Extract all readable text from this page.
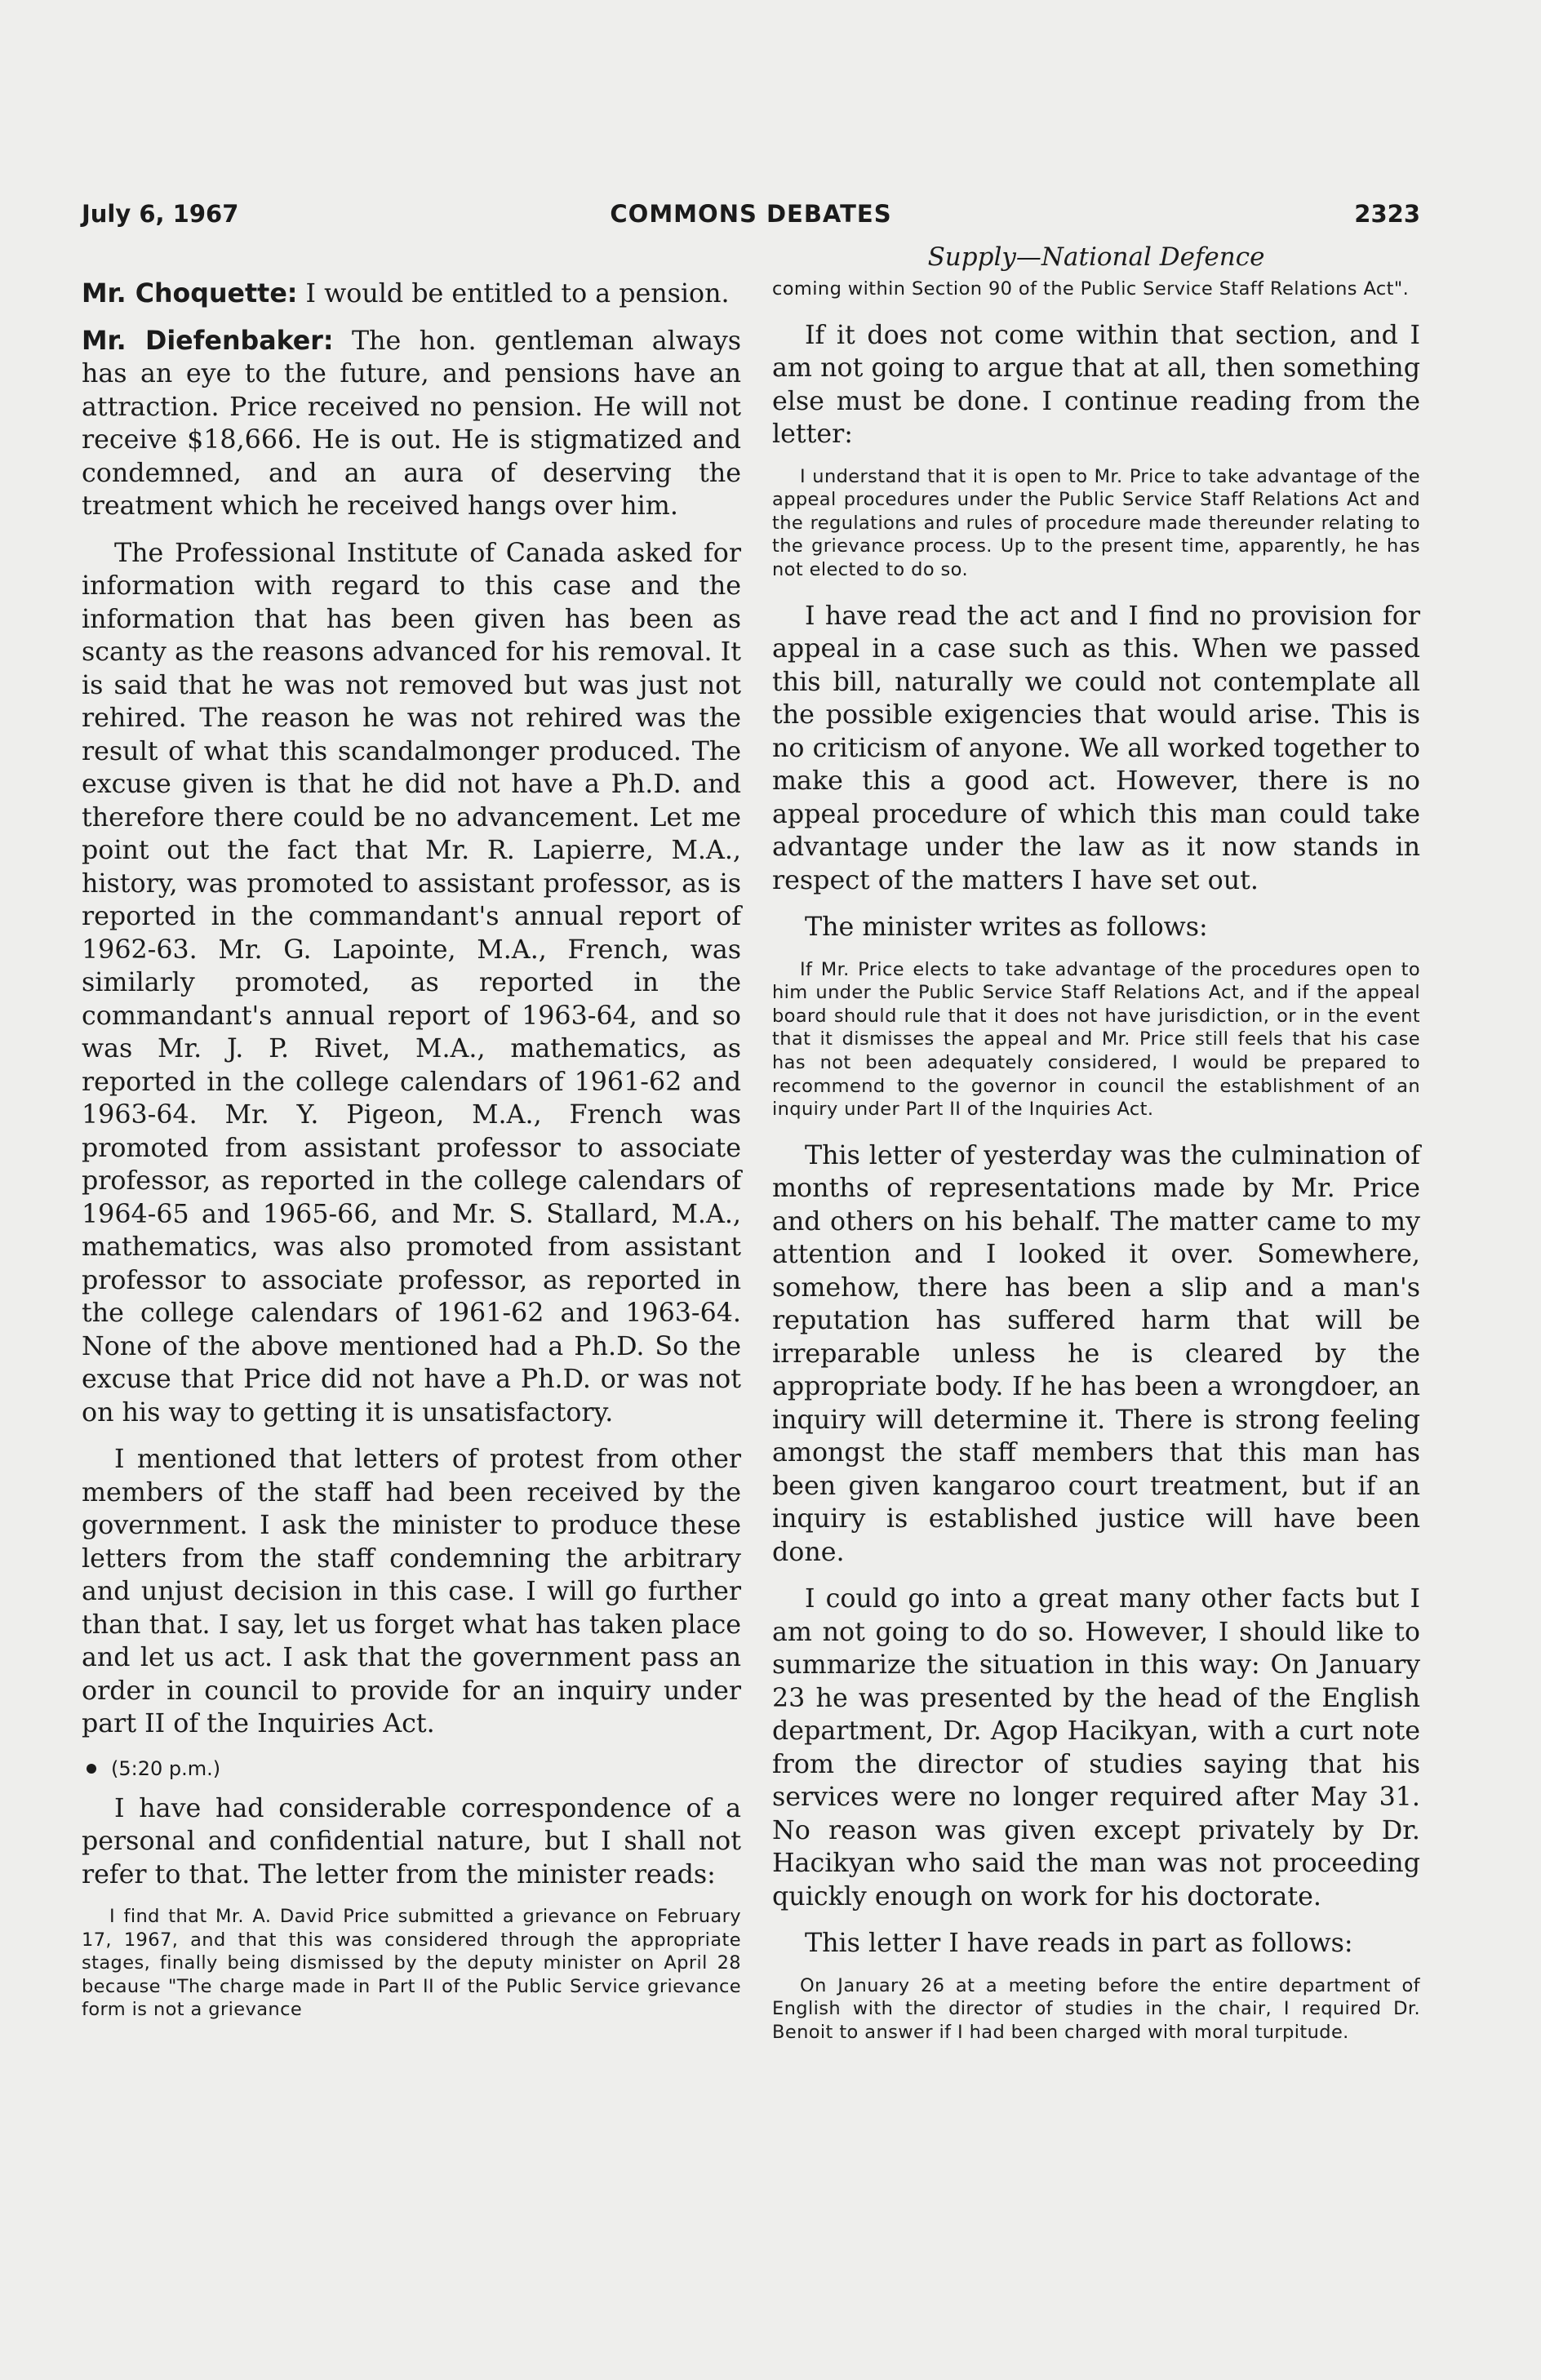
July 6, 1967	COMMONS DEBATES	2323
Supply—National Defence

Mr. Choquette: I would be entitled to a pension.

Mr. Diefenbaker: The hon. gentleman always has an eye to the future, and pensions have an attraction. Price received no pension. He will not receive $18,666. He is out. He is stigmatized and condemned, and an aura of deserving the treatment which he received hangs over him.

The Professional Institute of Canada asked for information with regard to this case and the information that has been given has been as scanty as the reasons advanced for his removal. It is said that he was not removed but was just not rehired. The reason he was not rehired was the result of what this scandalmonger produced. The excuse given is that he did not have a Ph.D. and therefore there could be no advancement. Let me point out the fact that Mr. R. Lapierre, M.A., history, was promoted to assistant professor, as is reported in the commandant's annual report of 1962-63. Mr. G. Lapointe, M.A., French, was similarly promoted, as reported in the commandant's annual report of 1963-64, and so was Mr. J. P. Rivet, M.A., mathematics, as reported in the college calendars of 1961-62 and 1963-64. Mr. Y. Pigeon, M.A., French was promoted from assistant professor to associate professor, as reported in the college calendars of 1964-65 and 1965-66, and Mr. S. Stallard, M.A., mathematics, was also promoted from assistant professor to associate professor, as reported in the college calendars of 1961-62 and 1963-64. None of the above mentioned had a Ph.D. So the excuse that Price did not have a Ph.D. or was not on his way to getting it is unsatisfactory.

I mentioned that letters of protest from other members of the staff had been received by the government. I ask the minister to produce these letters from the staff condemning the arbitrary and unjust decision in this case. I will go further than that. I say, let us forget what has taken place and let us act. I ask that the government pass an order in council to provide for an inquiry under part II of the Inquiries Act.

(5:20 p.m.)

I have had considerable correspondence of a personal and confidential nature, but I shall not refer to that. The letter from the minister reads:

I find that Mr. A. David Price submitted a grievance on February 17, 1967, and that this was considered through the appropriate stages, finally being dismissed by the deputy minister on April 28 because "The charge made in Part II of the Public Service grievance form is not a grievance

coming within Section 90 of the Public Service Staff Relations Act".

If it does not come within that section, and I am not going to argue that at all, then something else must be done. I continue reading from the letter:

I understand that it is open to Mr. Price to take advantage of the appeal procedures under the Public Service Staff Relations Act and the regulations and rules of procedure made thereunder relating to the grievance process. Up to the present time, apparently, he has not elected to do so.

I have read the act and I find no provision for appeal in a case such as this. When we passed this bill, naturally we could not contemplate all the possible exigencies that would arise. This is no criticism of anyone. We all worked together to make this a good act. However, there is no appeal procedure of which this man could take advantage under the law as it now stands in respect of the matters I have set out.

The minister writes as follows:

If Mr. Price elects to take advantage of the procedures open to him under the Public Service Staff Relations Act, and if the appeal board should rule that it does not have jurisdiction, or in the event that it dismisses the appeal and Mr. Price still feels that his case has not been adequately considered, I would be prepared to recommend to the governor in council the establishment of an inquiry under Part II of the Inquiries Act.

This letter of yesterday was the culmination of months of representations made by Mr. Price and others on his behalf. The matter came to my attention and I looked it over. Somewhere, somehow, there has been a slip and a man's reputation has suffered harm that will be irreparable unless he is cleared by the appropriate body. If he has been a wrongdoer, an inquiry will determine it. There is strong feeling amongst the staff members that this man has been given kangaroo court treatment, but if an inquiry is established justice will have been done.

I could go into a great many other facts but I am not going to do so. However, I should like to summarize the situation in this way: On January 23 he was presented by the head of the English department, Dr. Agop Hacikyan, with a curt note from the director of studies saying that his services were no longer required after May 31. No reason was given except privately by Dr. Hacikyan who said the man was not proceeding quickly enough on work for his doctorate.

This letter I have reads in part as follows:

On January 26 at a meeting before the entire department of English with the director of studies in the chair, I required Dr. Benoit to answer if I had been charged with moral turpitude.
